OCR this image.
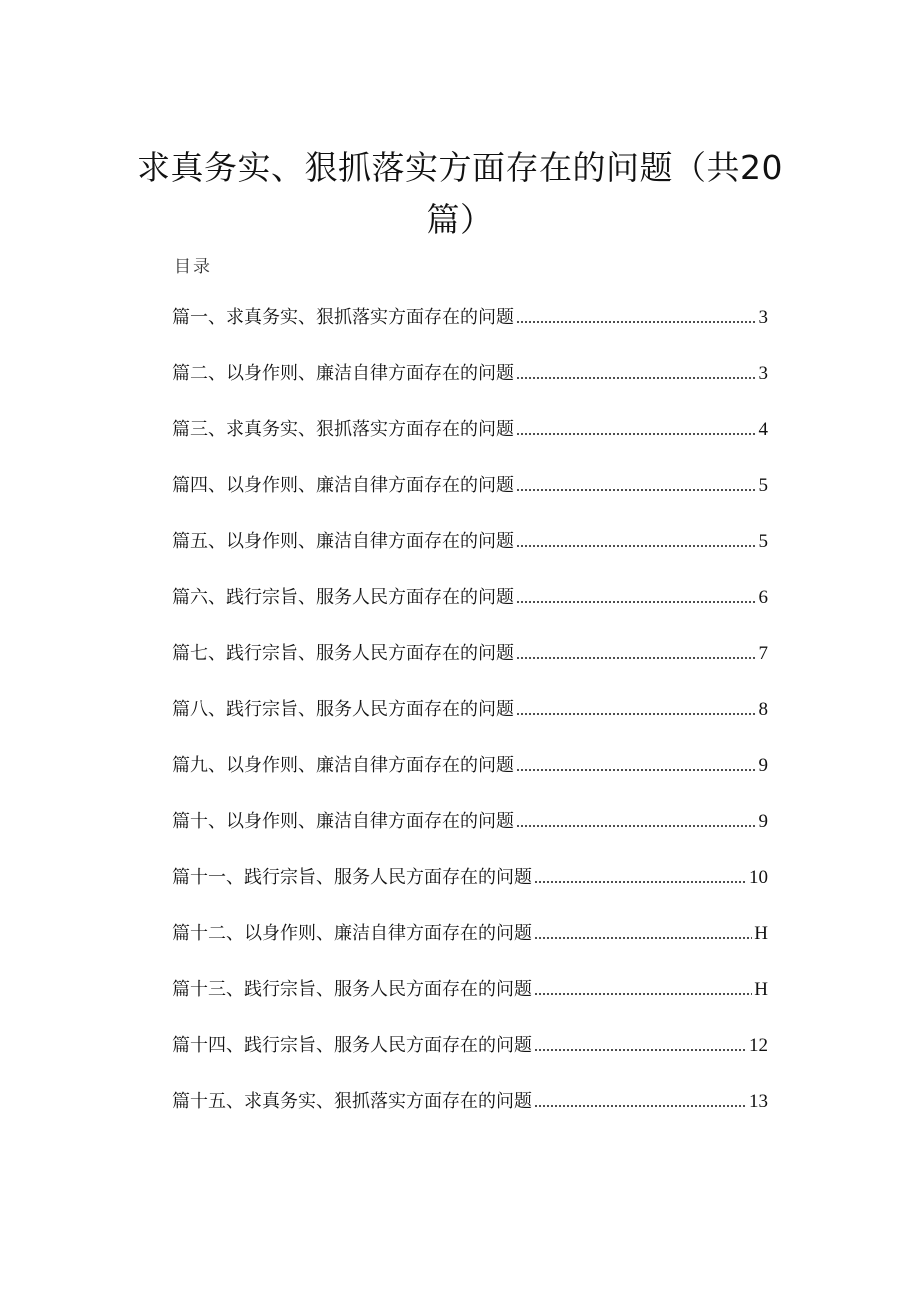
求真务实、狠抓落实方面存在的问题（共20篇）
目录
篇一、求真务实、狠抓落实方面存在的问题	3
篇二、以身作则、廉洁自律方面存在的问题	3
篇三、求真务实、狠抓落实方面存在的问题	4
篇四、以身作则、廉洁自律方面存在的问题	5
篇五、以身作则、廉洁自律方面存在的问题	5
篇六、践行宗旨、服务人民方面存在的问题	6
篇七、践行宗旨、服务人民方面存在的问题	7
篇八、践行宗旨、服务人民方面存在的问题	8
篇九、以身作则、廉洁自律方面存在的问题	9
篇十、以身作则、廉洁自律方面存在的问题	9
篇十一、践行宗旨、服务人民方面存在的问题	10
篇十二、以身作则、廉洁自律方面存在的问题	H
篇十三、践行宗旨、服务人民方面存在的问题	H
篇十四、践行宗旨、服务人民方面存在的问题	12
篇十五、求真务实、狠抓落实方面存在的问题	13
